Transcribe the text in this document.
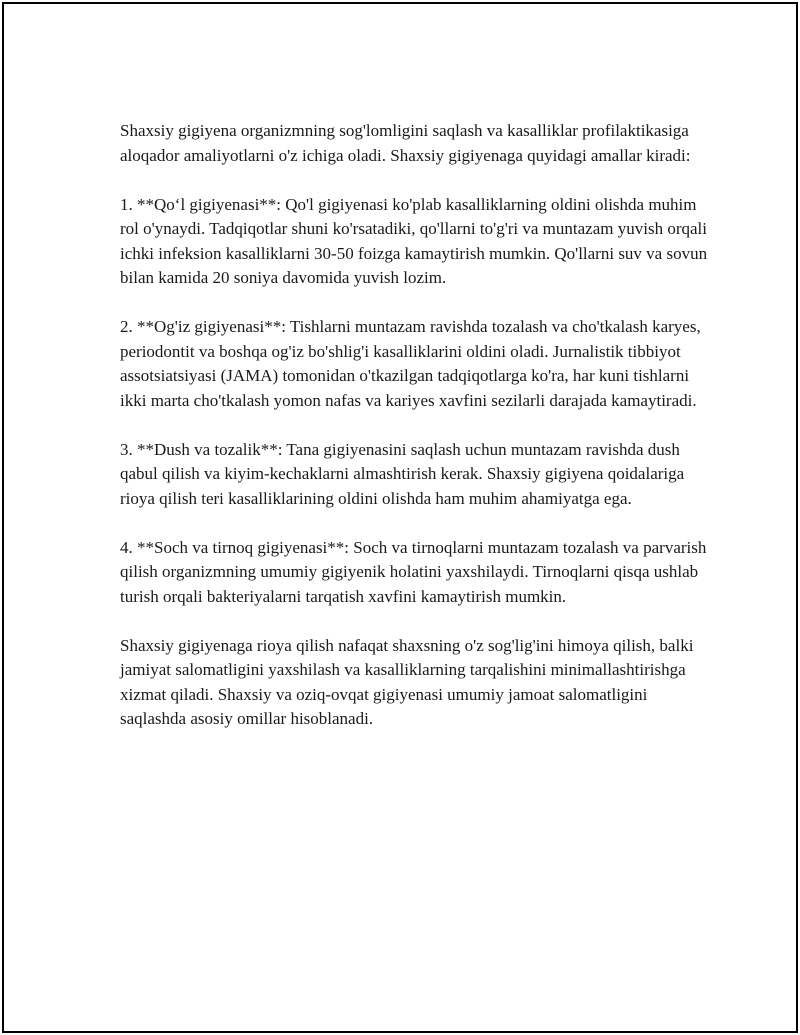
Shaxsiy gigiyena organizmning sog'lomligini saqlash va kasalliklar profilaktikasiga aloqador amaliyotlarni o'z ichiga oladi. Shaxsiy gigiyenaga quyidagi amallar kiradi:

1. **Qo‘l gigiyenasi**: Qo'l gigiyenasi ko'plab kasalliklarning oldini olishda muhim rol o'ynaydi. Tadqiqotlar shuni ko'rsatadiki, qo'llarni to'g'ri va muntazam yuvish orqali ichki infeksion kasalliklarni 30-50 foizga kamaytirish mumkin. Qo'llarni suv va sovun bilan kamida 20 soniya davomida yuvish lozim.

2. **Og'iz gigiyenasi**: Tishlarni muntazam ravishda tozalash va cho'tkalash karyes, periodontit va boshqa og'iz bo'shlig'i kasalliklarini oldini oladi. Jurnalistik tibbiyot assotsiatsiyasi (JAMA) tomonidan o'tkazilgan tadqiqotlarga ko'ra, har kuni tishlarni ikki marta cho'tkalash yomon nafas va kariyes xavfini sezilarli darajada kamaytiradi.

3. **Dush va tozalik**: Tana gigiyenasini saqlash uchun muntazam ravishda dush qabul qilish va kiyim-kechaklarni almashtirish kerak. Shaxsiy gigiyena qoidalariga rioya qilish teri kasalliklarining oldini olishda ham muhim ahamiyatga ega.

4. **Soch va tirnoq gigiyenasi**: Soch va tirnoqlarni muntazam tozalash va parvarish qilish organizmning umumiy gigiyenik holatini yaxshilaydi. Tirnoqlarni qisqa ushlab turish orqali bakteriyalarni tarqatish xavfini kamaytirish mumkin.

Shaxsiy gigiyenaga rioya qilish nafaqat shaxsning o'z sog'lig'ini himoya qilish, balki jamiyat salomatligini yaxshilash va kasalliklarning tarqalishini minimallashtirishga xizmat qiladi. Shaxsiy va oziq-ovqat gigiyenasi umumiy jamoat salomatligini saqlashda asosiy omillar hisoblanadi.
